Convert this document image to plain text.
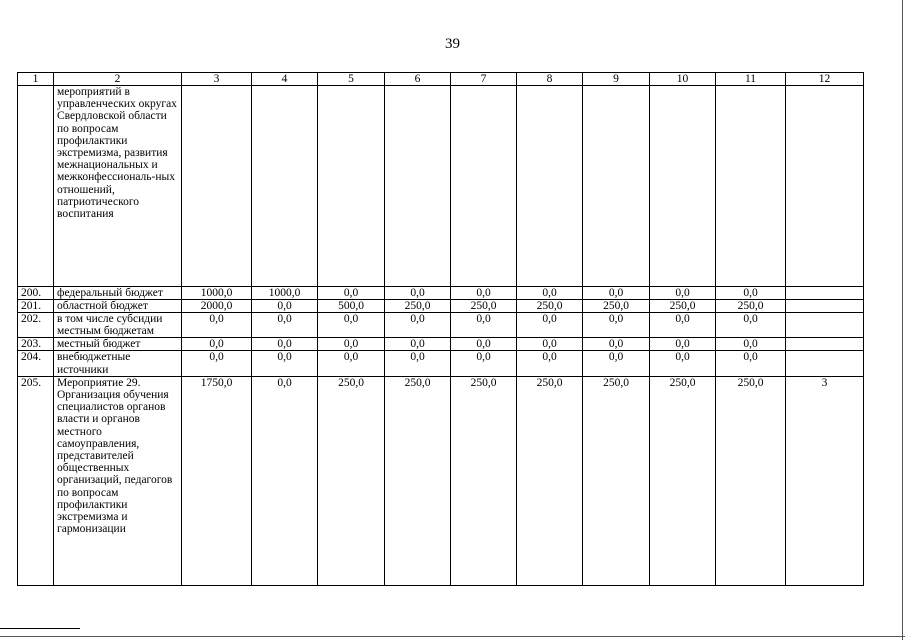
39
1	2	3	4	5	6	7	8	9	10	11	12
	мероприятий в управленческих округах Свердловской области по вопросам профилактики экстремизма, развития межнациональных и межконфессиональ-ных отношений, патриотического воспитания										
200.	федеральный бюджет	1000,0	1000,0	0,0	0,0	0,0	0,0	0,0	0,0	0,0	
201.	областной бюджет	2000,0	0,0	500,0	250,0	250,0	250,0	250,0	250,0	250,0	
202.	в том числе субсидии местным бюджетам	0,0	0,0	0,0	0,0	0,0	0,0	0,0	0,0	0,0	
203.	местный бюджет	0,0	0,0	0,0	0,0	0,0	0,0	0,0	0,0	0,0	
204.	внебюджетные источники	0,0	0,0	0,0	0,0	0,0	0,0	0,0	0,0	0,0	
205.	Мероприятие 29. Организация обучения специалистов органов власти и органов местного самоуправления, представителей общественных организаций, педагогов по вопросам профилактики экстремизма и гармонизации	1750,0	0,0	250,0	250,0	250,0	250,0	250,0	250,0	250,0	3
